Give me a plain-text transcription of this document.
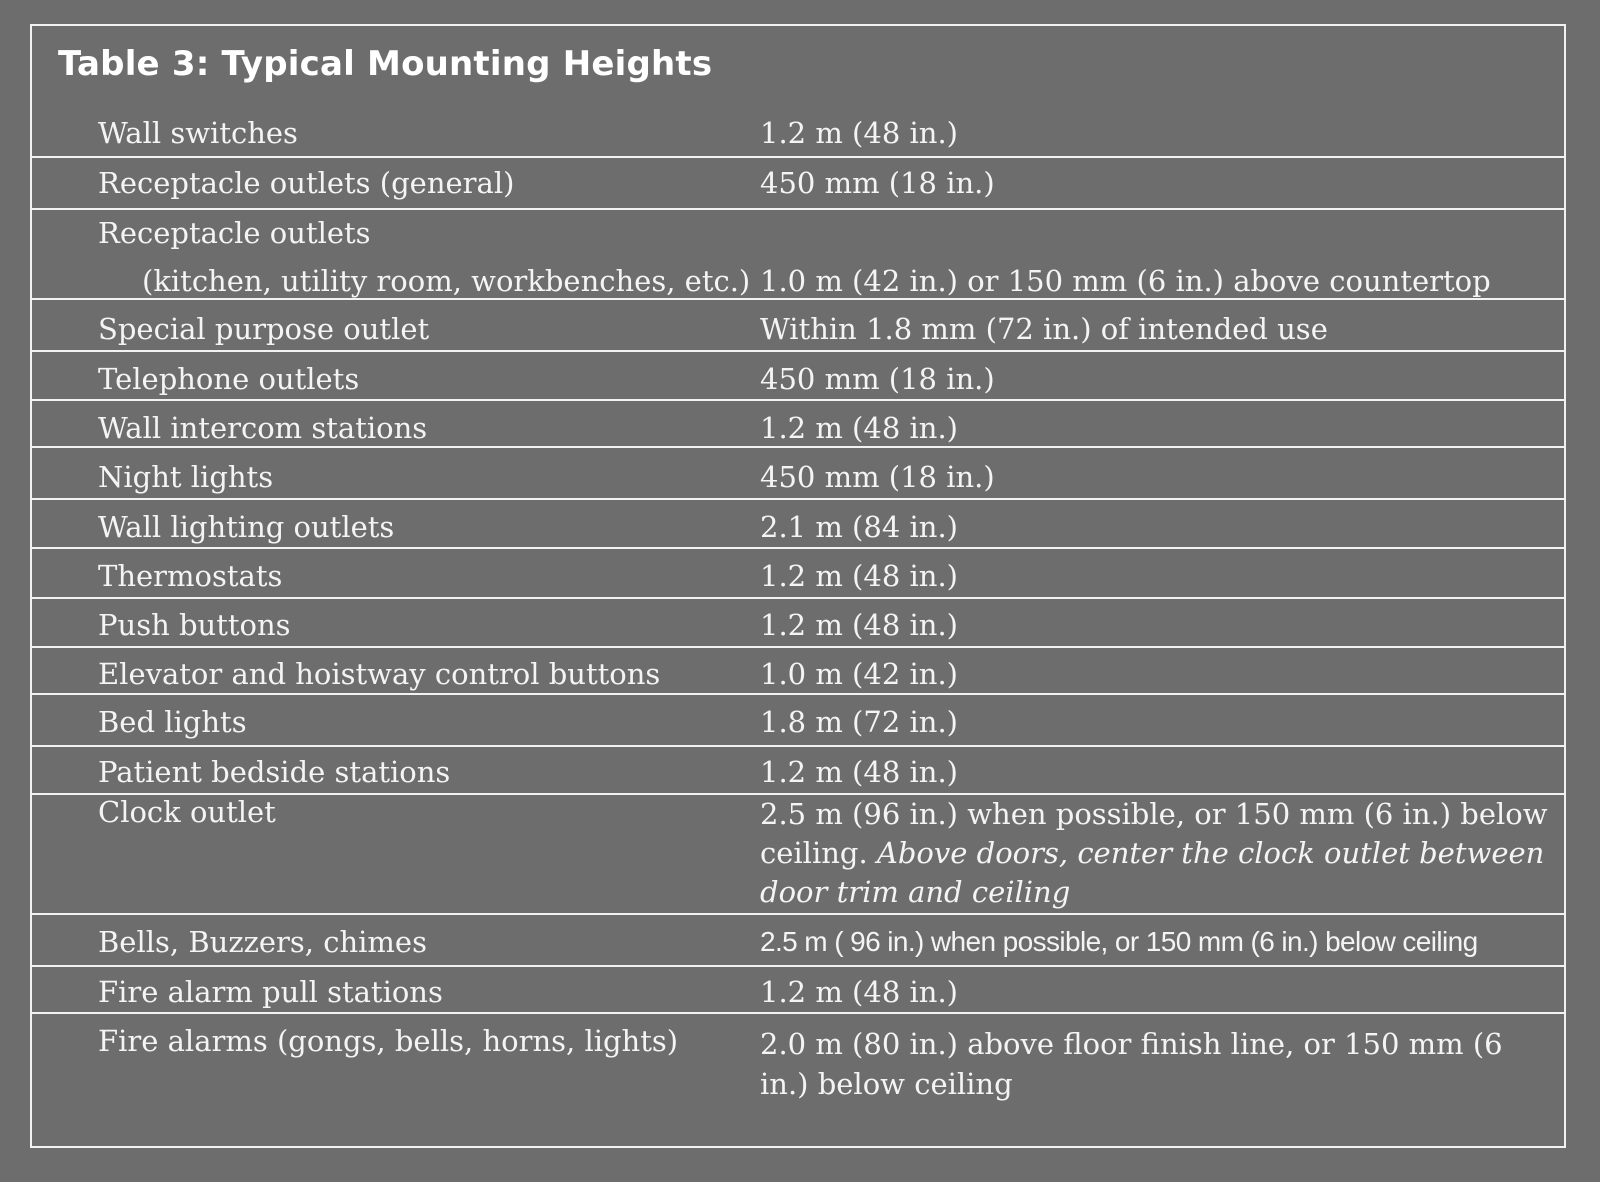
Table 3: Typical Mounting Heights
Wall switches	1.2 m (48 in.)
Receptacle outlets (general)	450 mm (18 in.)
Receptacle outlets
(kitchen, utility room, workbenches, etc.) 1.0 m (42 in.) or 150 mm (6 in.) above countertop
Special purpose outlet	Within 1.8 mm (72 in.) of intended use
Telephone outlets	450 mm (18 in.)
Wall intercom stations	1.2 m (48 in.)
Night lights	450 mm (18 in.)
Wall lighting outlets	2.1 m (84 in.)
Thermostats	1.2 m (48 in.)
Push buttons	1.2 m (48 in.)
Elevator and hoistway control buttons	1.0 m (42 in.)
Bed lights	1.8 m (72 in.)
Patient bedside stations	1.2 m (48 in.)
Clock outlet	2.5 m (96 in.) when possible, or 150 mm (6 in.) below ceiling. Above doors, center the clock outlet between door trim and ceiling
Bells, Buzzers, chimes	2.5 m ( 96 in.) when possible, or 150 mm (6 in.) below ceiling
Fire alarm pull stations	1.2 m (48 in.)
Fire alarms (gongs, bells, horns, lights)	2.0 m (80 in.) above floor finish line, or 150 mm (6 in.) below ceiling
